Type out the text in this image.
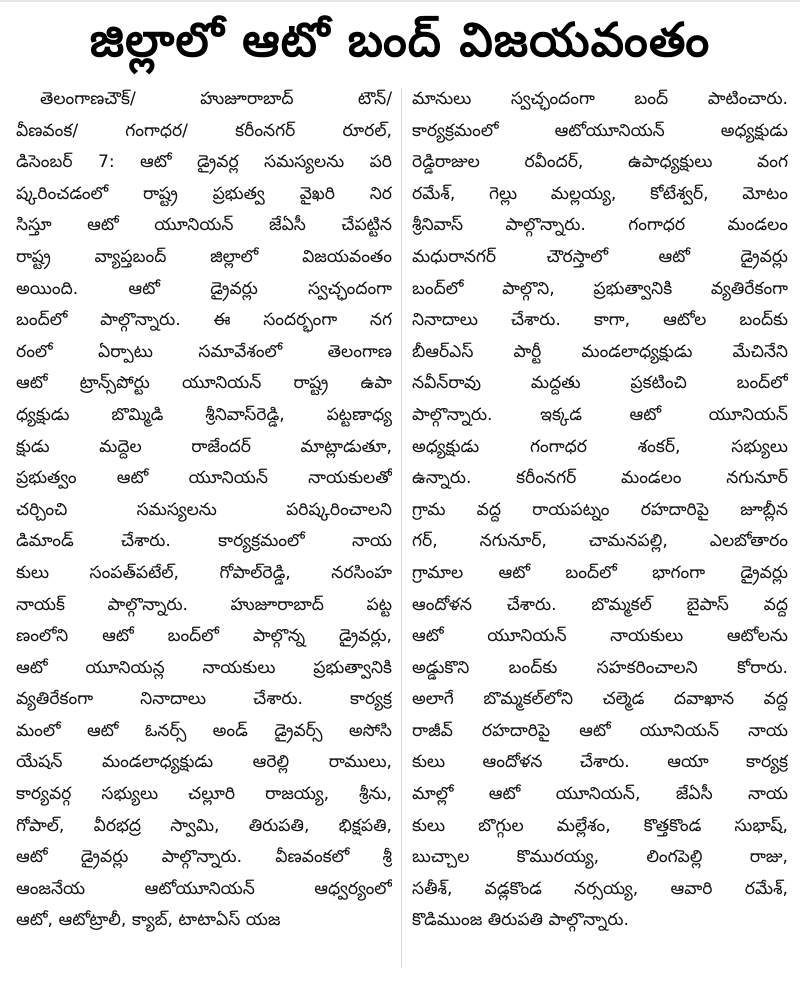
జిల్లాలో ఆటో బంద్ విజయవంతం
తెలంగాణచౌక్/ హుజూరాబాద్ టౌన్/
వీణవంక/ గంగాధర/ కరీంనగర్ రూరల్,
డిసెంబర్ 7: ఆటో డ్రైవర్ల సమస్యలను పరి
ష్కరించడంలో రాష్ట్ర ప్రభుత్వ వైఖరి నిర
సిస్తూ ఆటో యూనియన్ జేఏసీ చేపట్టిన
రాష్ట్ర వ్యాప్తబంద్ జిల్లాలో విజయవంతం
అయింది. ఆటో డ్రైవర్లు స్వచ్ఛందంగా
బంద్‌లో పాల్గొన్నారు. ఈ సందర్భంగా నగ
రంలో ఏర్పాటు సమావేశంలో తెలంగాణ
ఆటో ట్రాన్స్‌పోర్టు యూనియన్ రాష్ట్ర ఉపా
ధ్యక్షుడు బొమ్మిడి శ్రీనివాస్‌రెడ్డి, పట్టణాధ్య
క్షుడు మద్దెల రాజేందర్ మాట్లాడుతూ,
ప్రభుత్వం ఆటో యూనియన్ నాయకులతో
చర్చించి సమస్యలను పరిష్కరించాలని
డిమాండ్ చేశారు. కార్యక్రమంలో నాయ
కులు సంపత్‌పటేల్, గోపాల్‌రెడ్డి, నరసింహ
నాయక్ పాల్గొన్నారు. హుజూరాబాద్ పట్ట
ణంలోని ఆటో బంద్‌లో పాల్గొన్న డ్రైవర్లు,
ఆటో యూనియన్ల నాయకులు ప్రభుత్వానికి
వ్యతిరేకంగా నినాదాలు చేశారు. కార్యక్ర
మంలో ఆటో ఓనర్స్ అండ్ డ్రైవర్స్ అసోసి
యేషన్ మండలాధ్యక్షుడు ఆరెల్లి రాములు,
కార్యవర్గ సభ్యులు చల్లూరి రాజయ్య, శ్రీను,
గోపాల్, వీరభద్ర స్వామి, తిరుపతి, భిక్షపతి,
ఆటో డ్రైవర్లు పాల్గొన్నారు. వీణవంకలో శ్రీ
ఆంజనేయ ఆటోయూనియన్ ఆధ్వర్యంలో
ఆటో, ఆటోట్రాలీ, క్యాబ్, టాటాఏస్ యజ
మానులు స్వచ్ఛందంగా బంద్ పాటించారు.
కార్యక్రమంలో ఆటోయూనియన్ అధ్యక్షుడు
రెడ్డిరాజుల రవీందర్, ఉపాధ్యక్షులు వంగ
రమేశ్, గెల్లు మల్లయ్య, కోటేశ్వర్, మోటం
శ్రీనివాస్ పాల్గొన్నారు. గంగాధర మండలం
మధురానగర్ చౌరస్తాలో ఆటో డ్రైవర్లు
బంద్‌లో పాల్గొని, ప్రభుత్వానికి వ్యతిరేకంగా
నినాదాలు చేశారు. కాగా, ఆటోల బంద్‌కు
బీఆర్ఎస్ పార్టీ మండలాధ్యక్షుడు మేచినేని
నవీన్‌రావు మద్దతు ప్రకటించి బంద్‌లో
పాల్గొన్నారు. ఇక్కడ ఆటో యూనియన్
అధ్యక్షుడు గంగాధర శంకర్, సభ్యులు
ఉన్నారు. కరీంనగర్ మండలం నగునూర్
గ్రామ వద్ద రాయపట్నం రహదారిపై జూబ్లీన
గర్, నగునూర్, చామనపల్లి, ఎలబోతారం
గ్రామాల ఆటో బంద్‌లో భాగంగా డ్రైవర్లు
ఆందోళన చేశారు. బొమ్మకల్ బైపాస్ వద్ద
ఆటో యూనియన్ నాయకులు ఆటోలను
అడ్డుకొని బంద్‌కు సహకరించాలని కోరారు.
అలాగే బొమ్మకల్‌లోని చల్మెడ దవాఖాన వద్ద
రాజీవ్ రహదారిపై ఆటో యూనియన్ నాయ
కులు ఆందోళన చేశారు. ఆయా కార్యక్ర
మాల్లో ఆటో యూనియన్, జేఏసీ నాయ
కులు బొగ్గుల మల్లేశం, కొత్తకొండ సుభాష్,
బుచ్చాల కొమురయ్య, లింగపెల్లి రాజు,
సతీశ్, వడ్లకొండ నర్సయ్య, ఆవారి రమేశ్,
కొడిముంజ తిరుపతి పాల్గొన్నారు.
